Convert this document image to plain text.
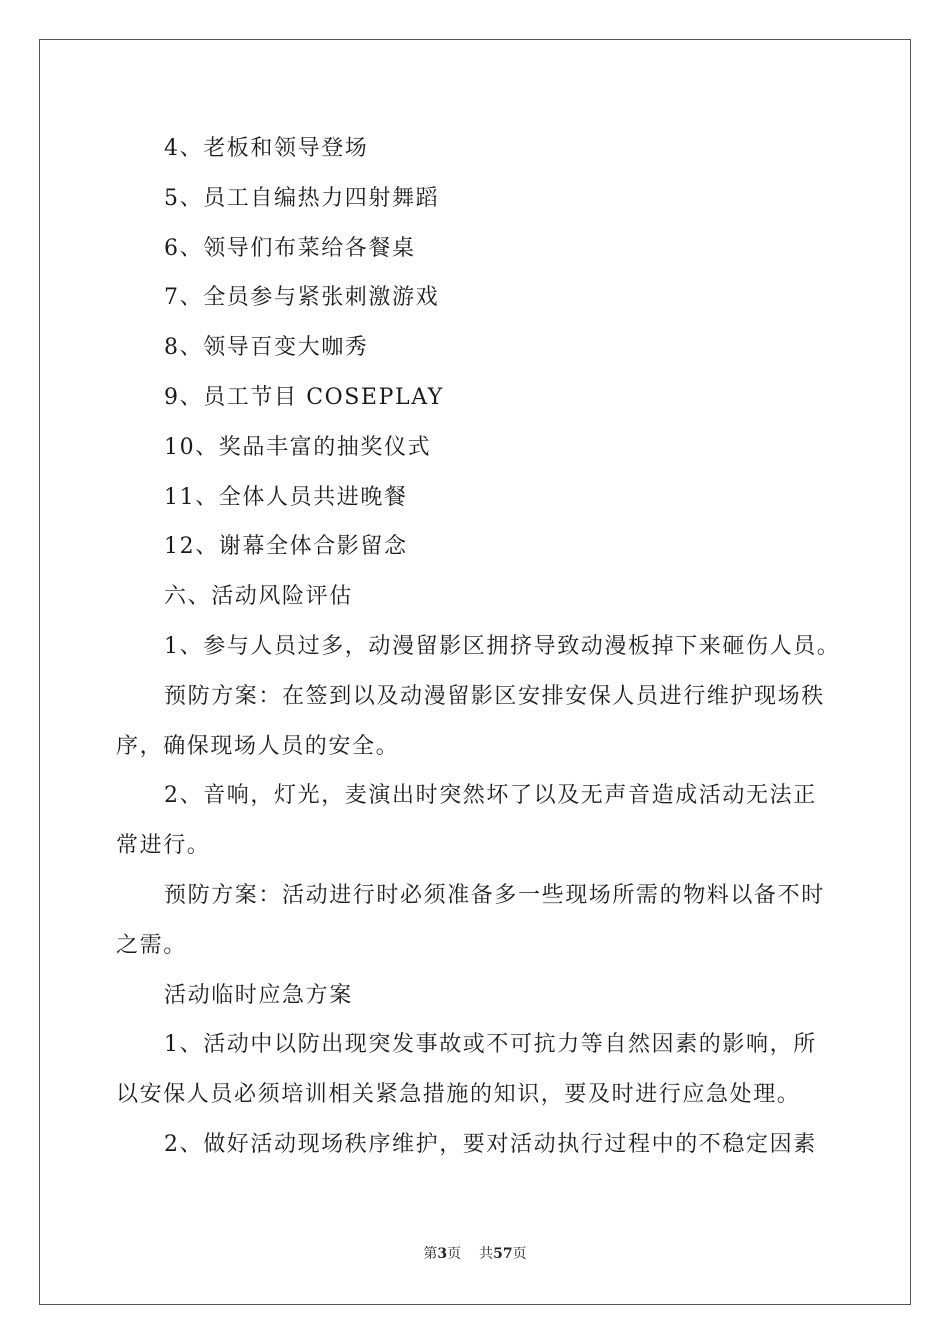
4、老板和领导登场
5、员工自编热力四射舞蹈
6、领导们布菜给各餐桌
7、全员参与紧张刺激游戏
8、领导百变大咖秀
9、员工节目 COSEPLAY
10、奖品丰富的抽奖仪式
11、全体人员共进晚餐
12、谢幕全体合影留念
六、活动风险评估
1、参与人员过多，动漫留影区拥挤导致动漫板掉下来砸伤人员。
预防方案：在签到以及动漫留影区安排安保人员进行维护现场秩
序，确保现场人员的安全。
2、音响，灯光，麦演出时突然坏了以及无声音造成活动无法正
常进行。
预防方案：活动进行时必须准备多一些现场所需的物料以备不时
之需。
活动临时应急方案
1、活动中以防出现突发事故或不可抗力等自然因素的影响，所
以安保人员必须培训相关紧急措施的知识，要及时进行应急处理。
2、做好活动现场秩序维护，要对活动执行过程中的不稳定因素
第3页 共57页
